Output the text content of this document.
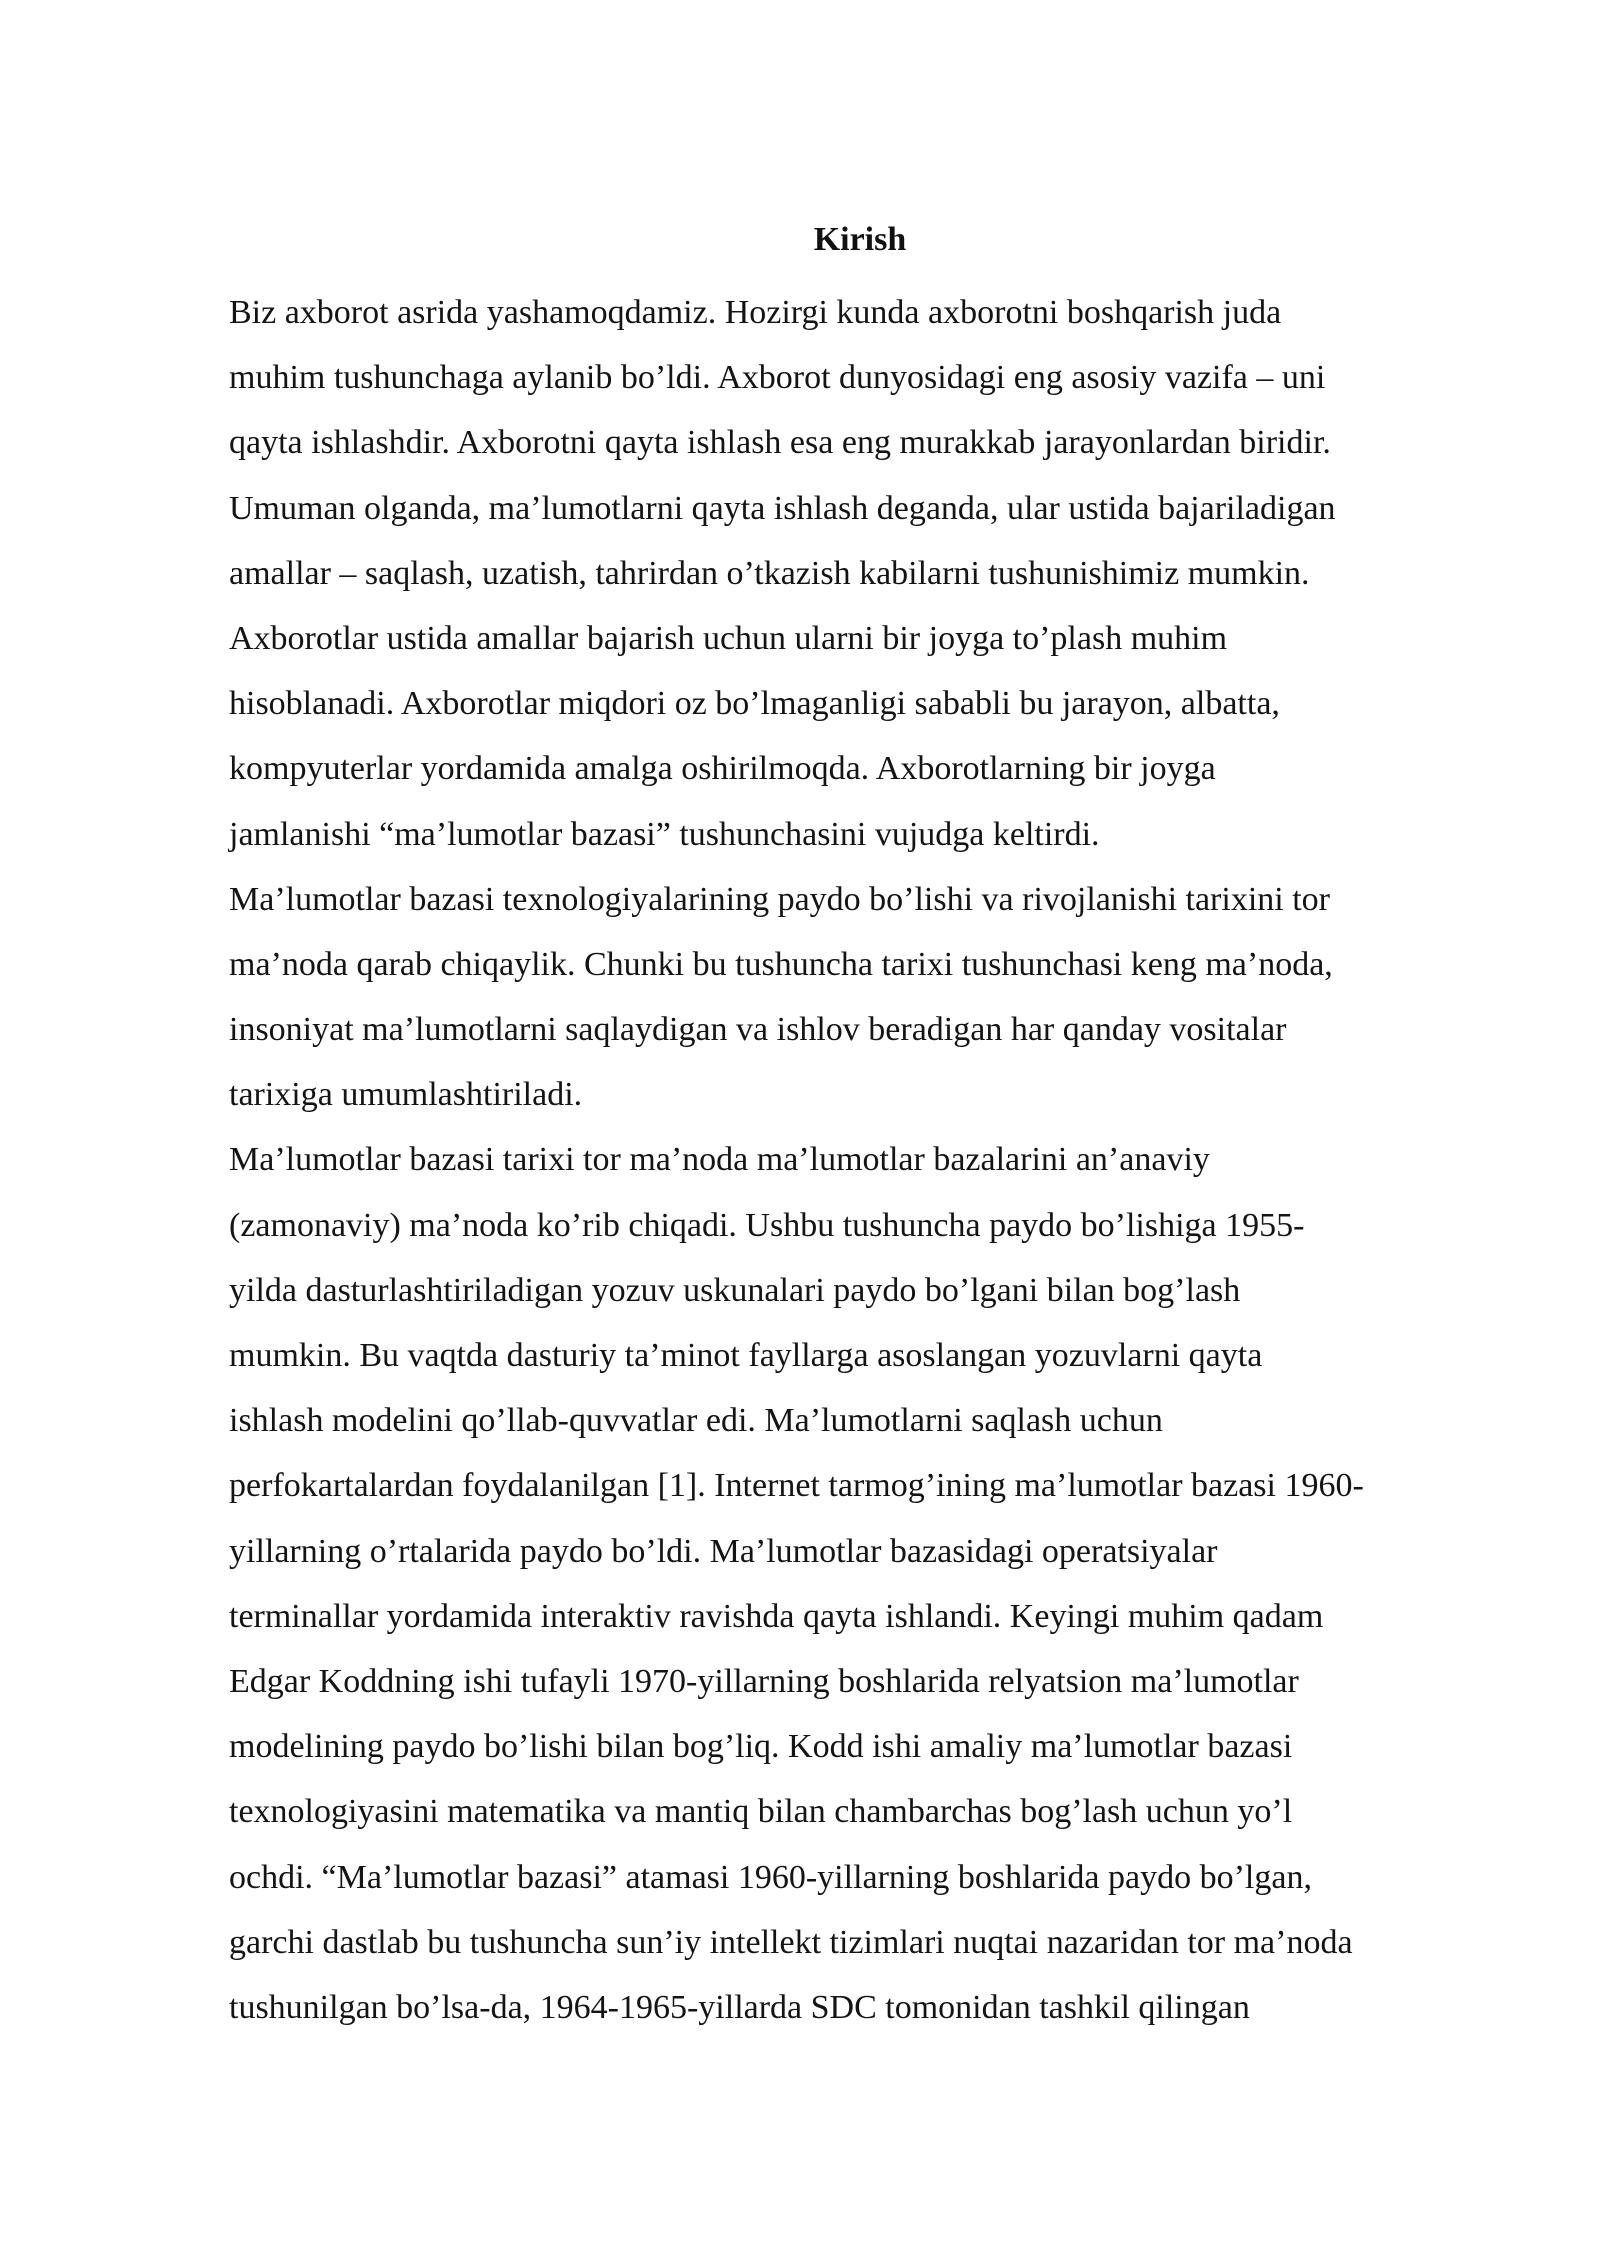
Kirish
Biz axborot asrida yashamoqdamiz. Hozirgi kunda axborotni boshqarish juda
muhim tushunchaga aylanib bo’ldi. Axborot dunyosidagi eng asosiy vazifa – uni
qayta ishlashdir. Axborotni qayta ishlash esa eng murakkab jarayonlardan biridir.
Umuman olganda, ma’lumotlarni qayta ishlash deganda, ular ustida bajariladigan
amallar – saqlash, uzatish, tahrirdan o’tkazish kabilarni tushunishimiz mumkin.
Axborotlar ustida amallar bajarish uchun ularni bir joyga to’plash muhim
hisoblanadi. Axborotlar miqdori oz bo’lmaganligi sababli bu jarayon, albatta,
kompyuterlar yordamida amalga oshirilmoqda. Axborotlarning bir joyga
jamlanishi “ma’lumotlar bazasi” tushunchasini vujudga keltirdi.
Ma’lumotlar bazasi texnologiyalarining paydo bo’lishi va rivojlanishi tarixini tor
ma’noda qarab chiqaylik. Chunki bu tushuncha tarixi tushunchasi keng ma’noda,
insoniyat ma’lumotlarni saqlaydigan va ishlov beradigan har qanday vositalar
tarixiga umumlashtiriladi.
Ma’lumotlar bazasi tarixi tor ma’noda ma’lumotlar bazalarini an’anaviy
(zamonaviy) ma’noda ko’rib chiqadi. Ushbu tushuncha paydo bo’lishiga 1955-
yilda dasturlashtiriladigan yozuv uskunalari paydo bo’lgani bilan bog’lash
mumkin. Bu vaqtda dasturiy ta’minot fayllarga asoslangan yozuvlarni qayta
ishlash modelini qo’llab-quvvatlar edi. Ma’lumotlarni saqlash uchun
perfokartalardan foydalanilgan [1]. Internet tarmog’ining ma’lumotlar bazasi 1960-
yillarning o’rtalarida paydo bo’ldi. Ma’lumotlar bazasidagi operatsiyalar
terminallar yordamida interaktiv ravishda qayta ishlandi. Keyingi muhim qadam
Edgar Koddning ishi tufayli 1970-yillarning boshlarida relyatsion ma’lumotlar
modelining paydo bo’lishi bilan bog’liq. Kodd ishi amaliy ma’lumotlar bazasi
texnologiyasini matematika va mantiq bilan chambarchas bog’lash uchun yo’l
ochdi. “Ma’lumotlar bazasi” atamasi 1960-yillarning boshlarida paydo bo’lgan,
garchi dastlab bu tushuncha sun’iy intellekt tizimlari nuqtai nazaridan tor ma’noda
tushunilgan bo’lsa-da, 1964-1965-yillarda SDC tomonidan tashkil qilingan
